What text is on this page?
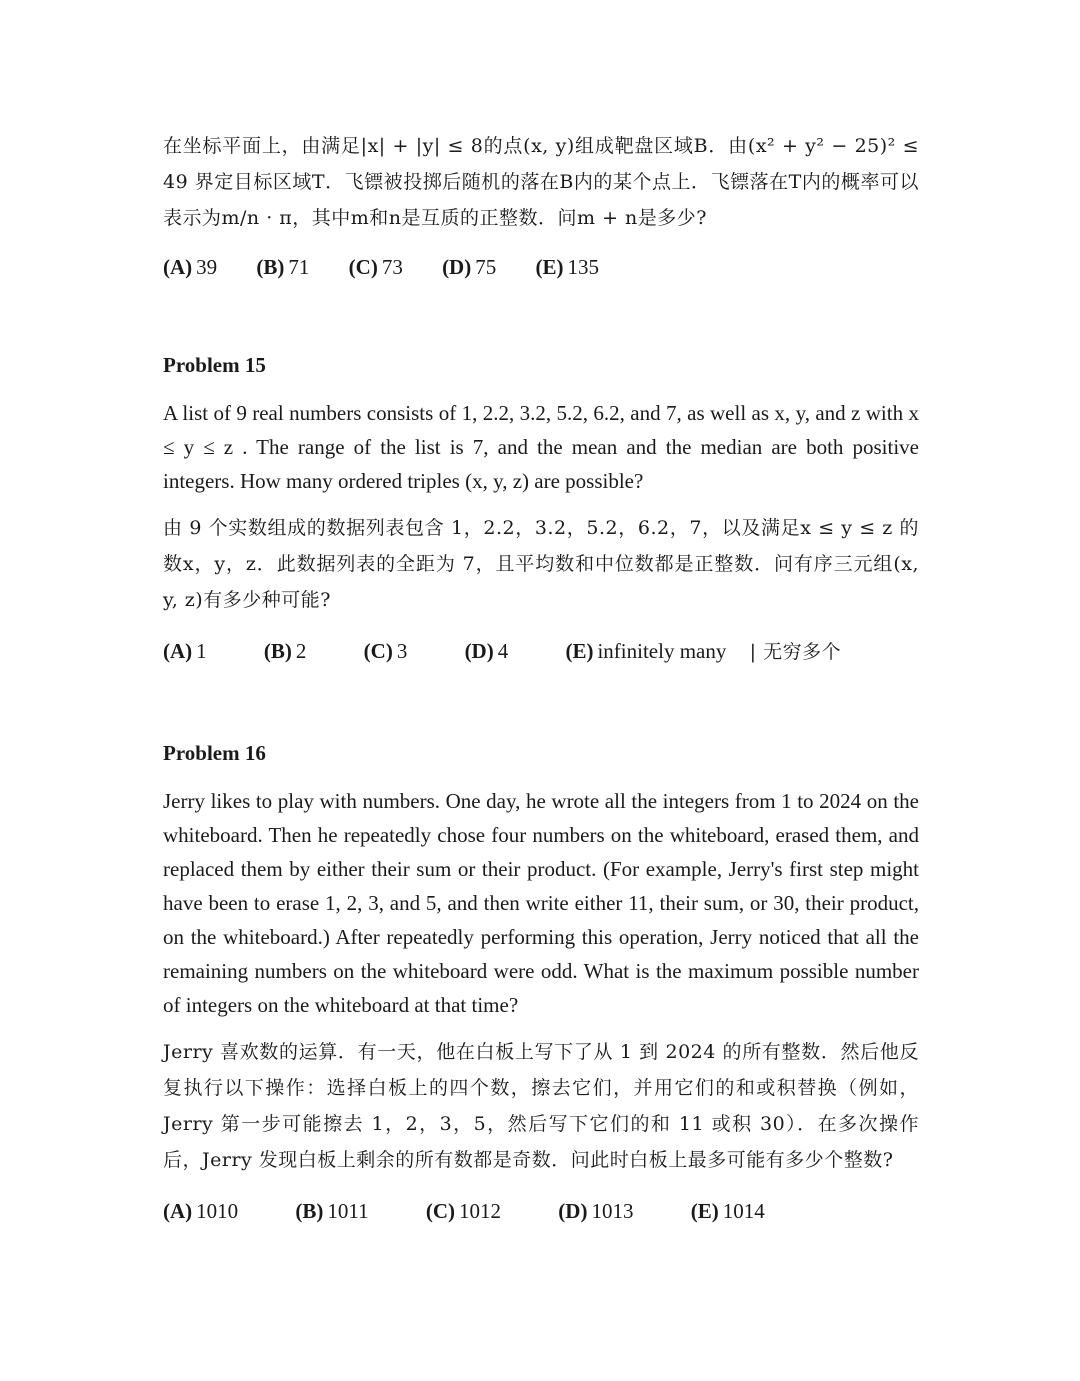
在坐标平面上，由满足|x| + |y| ≤ 8的点(x, y)组成靶盘区域B．由(x² + y² − 25)² ≤ 49 界定目标区域T．飞镖被投掷后随机的落在B内的某个点上．飞镖落在T内的概率可以表示为m/n · π，其中m和n是互质的正整数．问m + n是多少?

(A) 39 (B) 71 (C) 73 (D) 75 (E) 135
Problem 15

A list of 9 real numbers consists of 1, 2.2, 3.2, 5.2, 6.2, and 7, as well as x, y, and z with x ≤ y ≤ z . The range of the list is 7, and the mean and the median are both positive integers. How many ordered triples (x, y, z) are possible?

由 9 个实数组成的数据列表包含 1，2.2，3.2，5.2，6.2，7，以及满足x ≤ y ≤ z 的数x，y，z．此数据列表的全距为 7，且平均数和中位数都是正整数．问有序三元组(x, y, z)有多少种可能?

(A) 1	(B) 2	(C) 3	(D) 4	(E) infinitely many | 无穷多个
Problem 16

Jerry likes to play with numbers. One day, he wrote all the integers from 1 to 2024 on the whiteboard. Then he repeatedly chose four numbers on the whiteboard, erased them, and replaced them by either their sum or their product. (For example, Jerry's first step might have been to erase 1, 2, 3, and 5, and then write either 11, their sum, or 30, their product, on the whiteboard.) After repeatedly performing this operation, Jerry noticed that all the remaining numbers on the whiteboard were odd. What is the maximum possible number of integers on the whiteboard at that time?

Jerry 喜欢数的运算．有一天，他在白板上写下了从 1 到 2024 的所有整数．然后他反复执行以下操作：选择白板上的四个数，擦去它们，并用它们的和或积替换（例如，Jerry 第一步可能擦去 1，2，3，5，然后写下它们的和 11 或积 30）．在多次操作后，Jerry 发现白板上剩余的所有数都是奇数．问此时白板上最多可能有多少个整数?

(A) 1010	(B) 1011	(C) 1012	(D) 1013	(E) 1014
